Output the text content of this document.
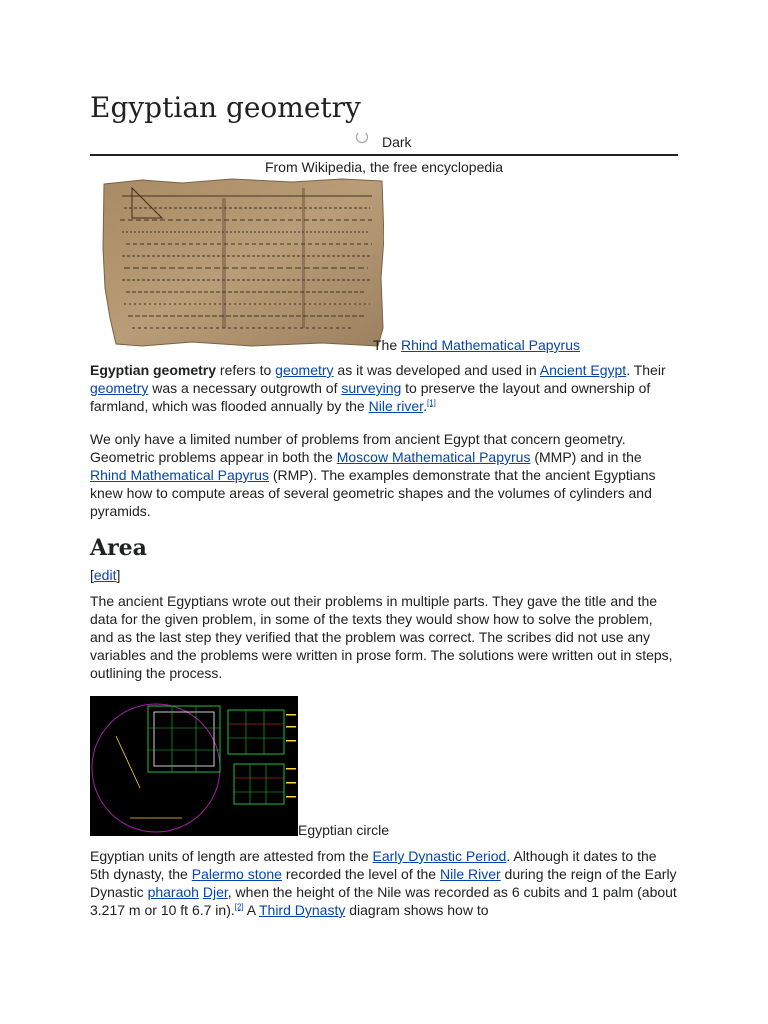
Egyptian geometry
Dark
From Wikipedia, the free encyclopedia
The Rhind Mathematical Papyrus

Egyptian geometry refers to geometry as it was developed and used in Ancient Egypt. Their geometry was a necessary outgrowth of surveying to preserve the layout and ownership of farmland, which was flooded annually by the Nile river.[1]

We only have a limited number of problems from ancient Egypt that concern geometry. Geometric problems appear in both the Moscow Mathematical Papyrus (MMP) and in the Rhind Mathematical Papyrus (RMP). The examples demonstrate that the ancient Egyptians knew how to compute areas of several geometric shapes and the volumes of cylinders and pyramids.

Area
[edit]

The ancient Egyptians wrote out their problems in multiple parts. They gave the title and the data for the given problem, in some of the texts they would show how to solve the problem, and as the last step they verified that the problem was correct. The scribes did not use any variables and the problems were written in prose form. The solutions were written out in steps, outlining the process.

Egyptian circle

Egyptian units of length are attested from the Early Dynastic Period. Although it dates to the 5th dynasty, the Palermo stone recorded the level of the Nile River during the reign of the Early Dynastic pharaoh Djer, when the height of the Nile was recorded as 6 cubits and 1 palm (about 3.217 m or 10 ft 6.7 in).[2] A Third Dynasty diagram shows how to
